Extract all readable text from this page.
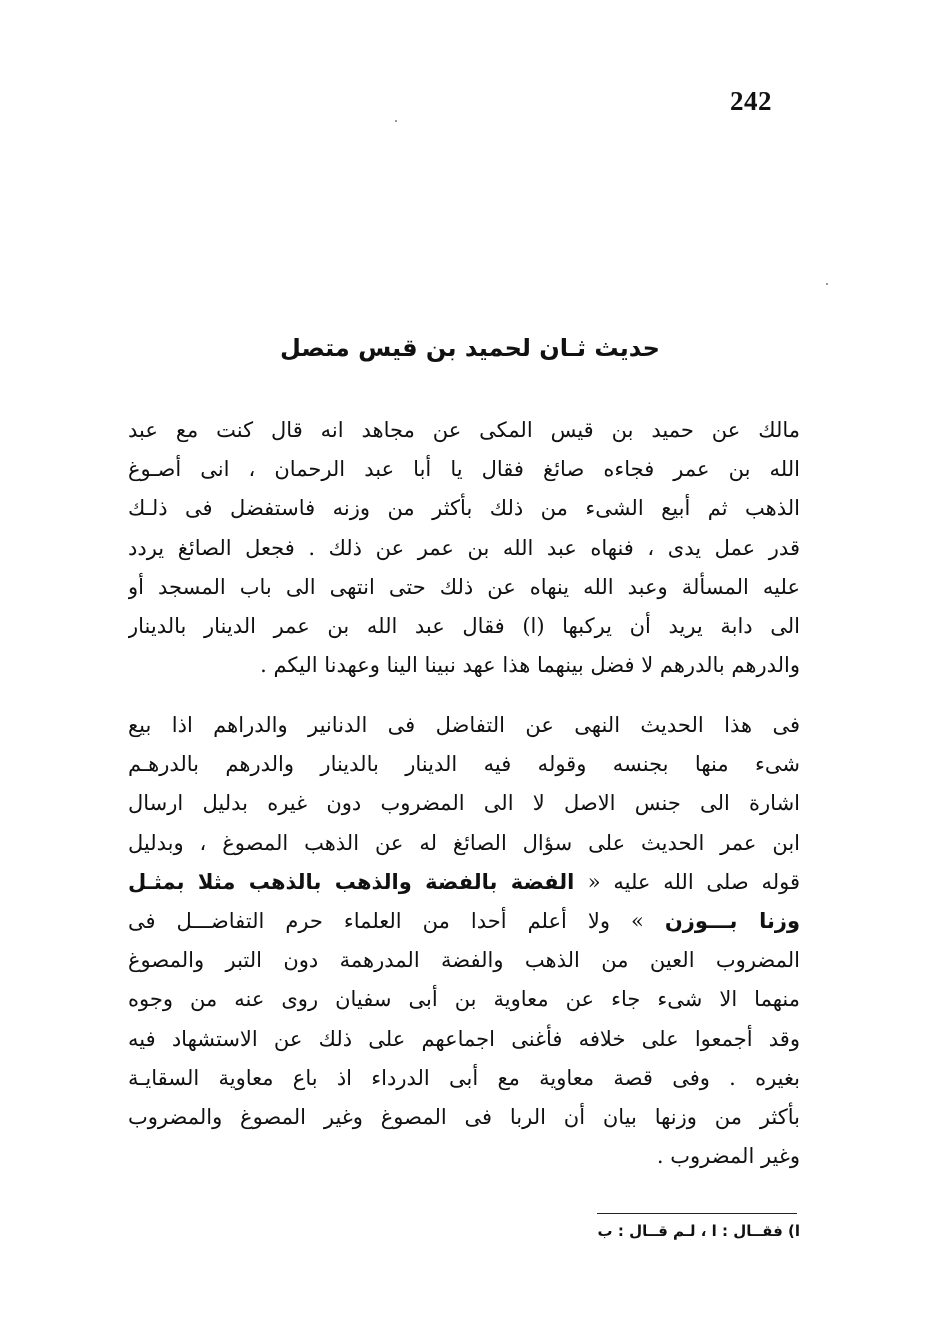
242
حديث ثـان لحميد بن قيس متصل
مالك عن حميد بن قيس المكى عن مجاهد انه قال كنت مع عبد
الله بن عمر فجاءه صائغ فقال يا أبا عبد الرحمان ، انى أصـوغ
الذهب ثم أبيع الشىء من ذلك بأكثر من وزنه فاستفضل فى ذلـك
قدر عمل يدى ، فنهاه عبد الله بن عمر عن ذلك . فجعل الصائغ يردد
عليه المسألة وعبد الله ينهاه عن ذلك حتى انتهى الى باب المسجد أو
الى دابة يريد أن يركبها (ا) فقال عبد الله بن عمر الدينار بالدينار
والدرهم بالدرهم لا فضل بينهما هذا عهد نبينا الينا وعهدنا اليكم .
فى هذا الحديث النهى عن التفاضل فى الدنانير والدراهم اذا بيع
شىء منها بجنسه وقوله فيه الدينار بالدينار والدرهم بالدرهـم
اشارة الى جنس الاصل لا الى المضروب دون غيره بدليل ارسال
ابن عمر الحديث على سؤال الصائغ له عن الذهب المصوغ ، وبدليل
قوله صلى الله عليه « الفضة بالفضة والذهب بالذهب مثلا بمثـل
وزنا بـــوزن » ولا أعلم أحدا من العلماء حرم التفاضـــل فى
المضروب العين من الذهب والفضة المدرهمة دون التبر والمصوغ
منهما الا شىء جاء عن معاوية بن أبى سفيان روى عنه من وجوه
وقد أجمعوا على خلافه فأغنى اجماعهم على ذلك عن الاستشهاد فيه
بغيره . وفى قصة معاوية مع أبى الدرداء اذ باع معاوية السقايـة
بأكثر من وزنها بيان أن الربا فى المصوغ وغير المصوغ والمضروب
وغير المضروب .
ا) فقــال : ا ، لـم قــال : ب
